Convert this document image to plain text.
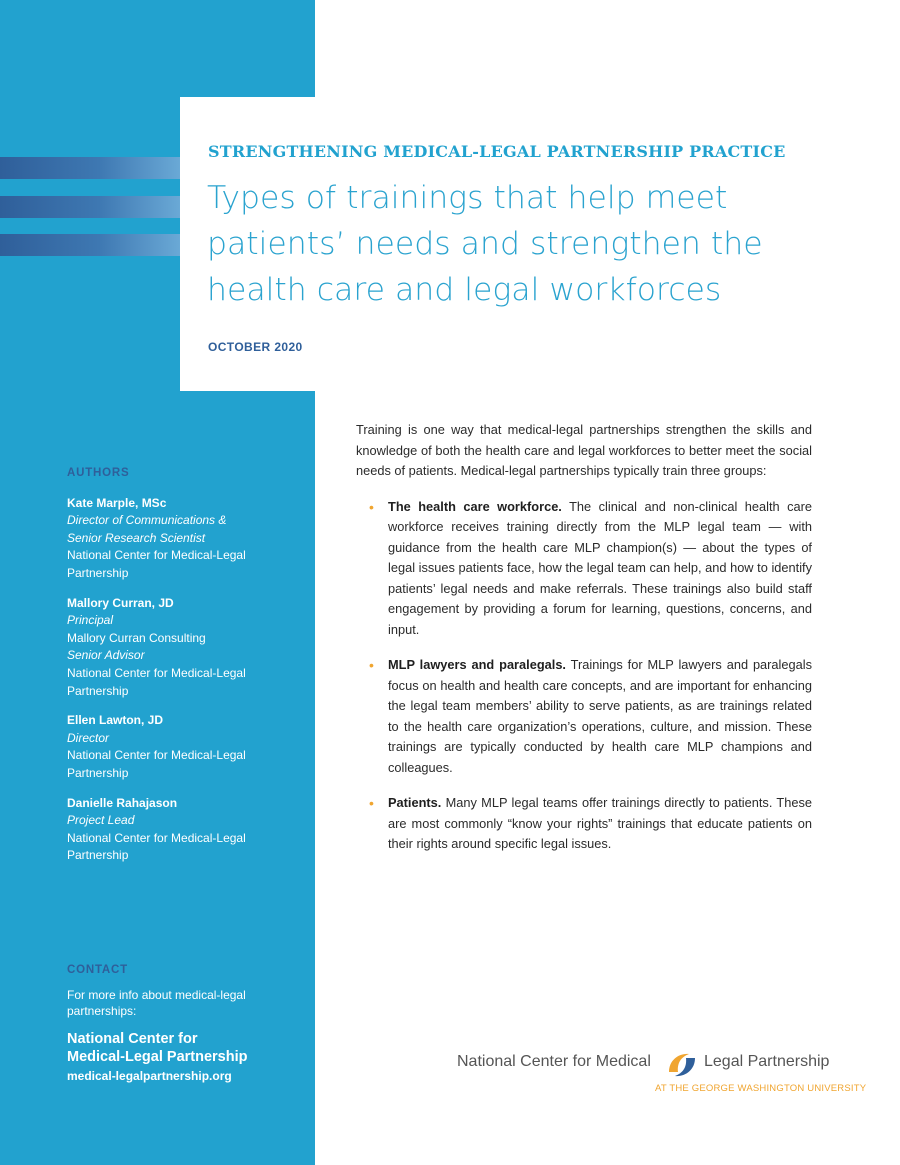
STRENGTHENING MEDICAL-LEGAL PARTNERSHIP PRACTICE
Types of trainings that help meet patients’ needs and strengthen the health care and legal workforces
OCTOBER 2020
AUTHORS
Kate Marple, MSc
Director of Communications &
Senior Research Scientist
National Center for Medical-Legal
Partnership
Mallory Curran, JD
Principal
Mallory Curran Consulting
Senior Advisor
National Center for Medical-Legal
Partnership
Ellen Lawton, JD
Director
National Center for Medical-Legal
Partnership
Danielle Rahajason
Project Lead
National Center for Medical-Legal
Partnership
CONTACT
For more info about medical-legal
partnerships:
National Center for
Medical-Legal Partnership
medical-legalpartnership.org

Training is one way that medical-legal partnerships strengthen the skills and knowledge of both the health care and legal workforces to better meet the social needs of patients. Medical-legal partnerships typically train three groups:

• The health care workforce. The clinical and non-clinical health care workforce receives training directly from the MLP legal team — with guidance from the health care MLP champion(s) — about the types of legal issues patients face, how the legal team can help, and how to identify patients’ legal needs and make referrals. These trainings also build staff engagement by providing a forum for learning, questions, concerns, and input.
• MLP lawyers and paralegals. Trainings for MLP lawyers and paralegals focus on health and health care concepts, and are important for enhancing the legal team members’ ability to serve patients, as are trainings related to the health care organization’s operations, culture, and mission. These trainings are typically conducted by health care MLP champions and colleagues.
• Patients. Many MLP legal teams offer trainings directly to patients. These are most commonly “know your rights” trainings that educate patients on their rights around specific legal issues.
National Center for Medical	Legal Partnership
AT THE GEORGE WASHINGTON UNIVERSITY
